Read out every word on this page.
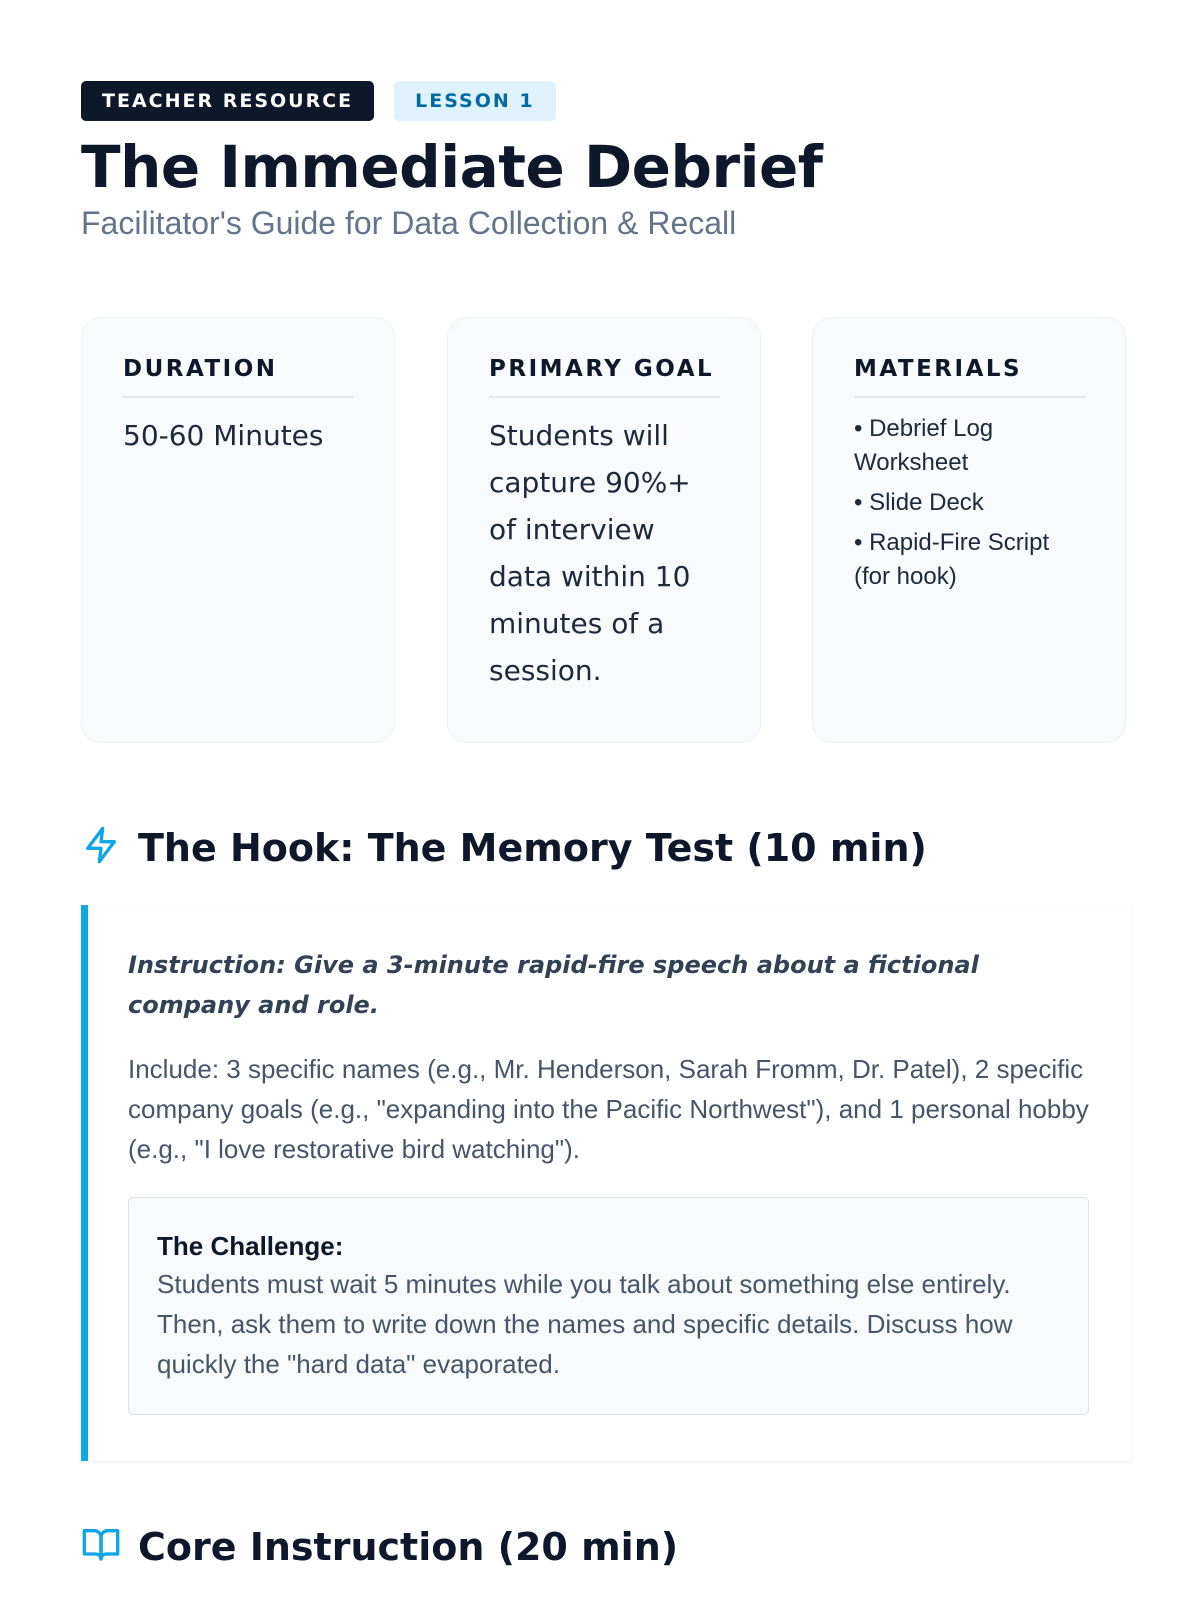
TEACHER RESOURCE	LESSON 1
The Immediate Debrief
Facilitator's Guide for Data Collection & Recall
DURATION
50-60 Minutes
PRIMARY GOAL
Students will capture 90%+ of interview data within 10 minutes of a session.
MATERIALS
• Debrief Log Worksheet
• Slide Deck
• Rapid-Fire Script (for hook)
The Hook: The Memory Test (10 min)

Instruction: Give a 3-minute rapid-fire speech about a fictional company and role.

Include: 3 specific names (e.g., Mr. Henderson, Sarah Fromm, Dr. Patel), 2 specific company goals (e.g., "expanding into the Pacific Northwest"), and 1 personal hobby (e.g., "I love restorative bird watching").

The Challenge:
Students must wait 5 minutes while you talk about something else entirely. Then, ask them to write down the names and specific details. Discuss how quickly the "hard data" evaporated.
Core Instruction (20 min)
